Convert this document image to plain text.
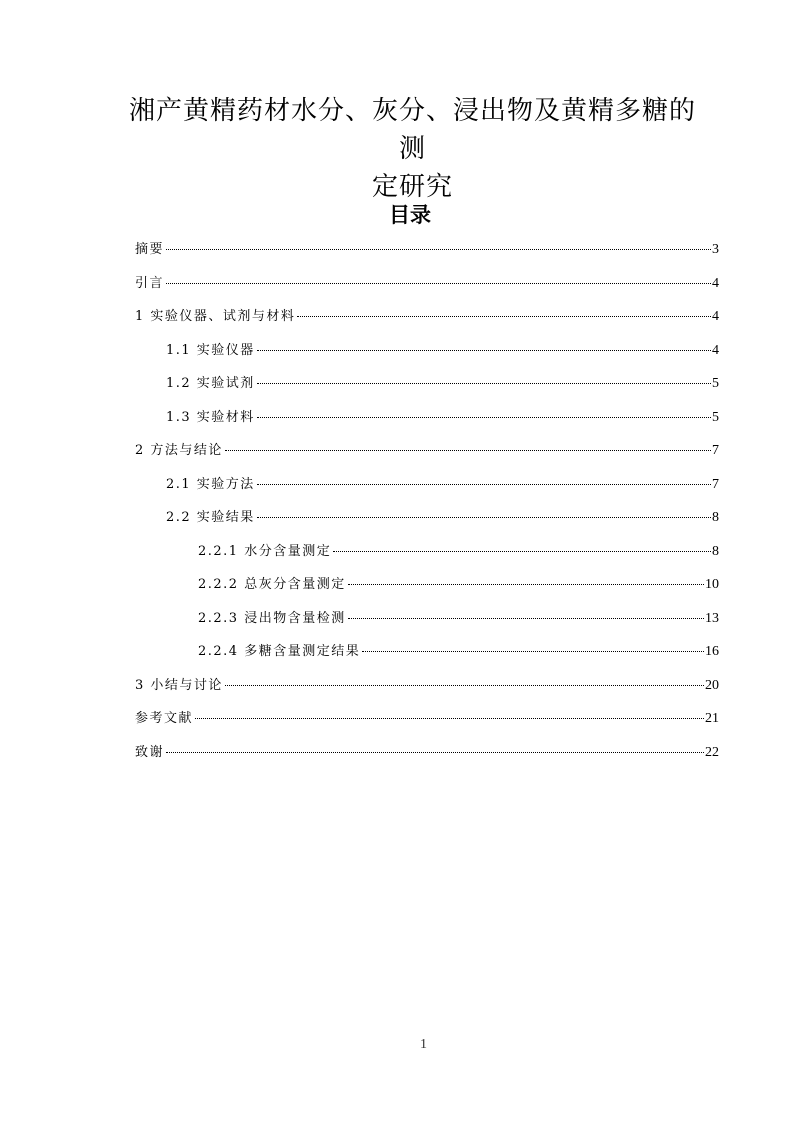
湘产黄精药材水分、灰分、浸出物及黄精多糖的测
定研究
目录
摘要	3
引言	4
1 实验仪器、试剂与材料	4
1.1 实验仪器	4
1.2 实验试剂	5
1.3 实验材料	5
2 方法与结论	7
2.1 实验方法	7
2.2 实验结果	8
2.2.1 水分含量测定	8
2.2.2 总灰分含量测定	10
2.2.3 浸出物含量检测	13
2.2.4 多糖含量测定结果	16
3 小结与讨论	20
参考文献	21
致谢	22
1
